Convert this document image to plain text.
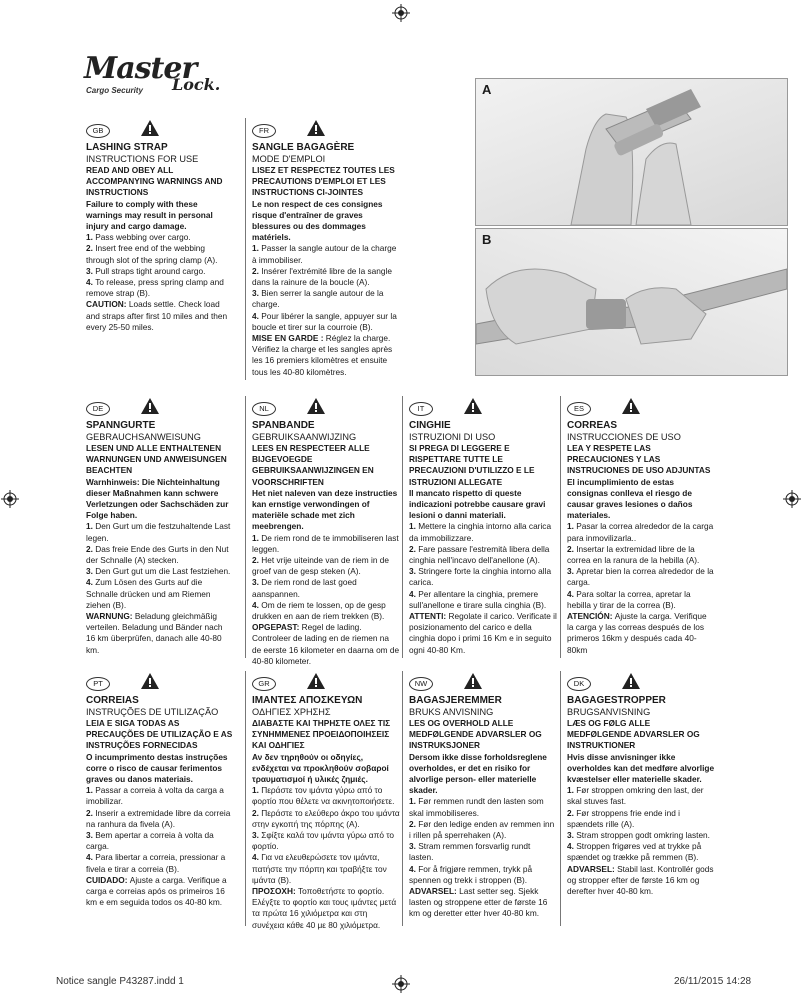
Master
Lock.
Cargo Security	A
B
GB
LASHING STRAP
INSTRUCTIONS FOR USE

READ AND OBEY ALL ACCOMPANYING WARNINGS AND INSTRUCTIONS

Failure to comply with these warnings may result in personal injury and cargo damage.

1. Pass webbing over cargo.

2. Insert free end of the webbing through slot of the spring clamp (A).

3. Pull straps tight around cargo.

4. To release, press spring clamp and remove strap (B).

CAUTION: Loads settle. Check load and straps after first 10 miles and then every 25-50 miles.

FR
SANGLE BAGAGÈRE
MODE D'EMPLOI

LISEZ ET RESPECTEZ TOUTES LES PRECAUTIONS D'EMPLOI ET LES INSTRUCTIONS CI-JOINTES

Le non respect de ces consignes risque d'entraîner de graves blessures ou des dommages matériels.

1. Passer la sangle autour de la charge à immobiliser.

2. Insérer l'extrémité libre de la sangle dans la rainure de la boucle (A).

3. Bien serrer la sangle autour de la charge.

4. Pour libérer la sangle, appuyer sur la boucle et tirer sur la courroie (B).

MISE EN GARDE : Réglez la charge. Vérifiez la charge et les sangles après les 16 premiers kilomètres et ensuite tous les 40-80 kilomètres.

DE
SPANNGURTE
GEBRAUCHSANWEISUNG

LESEN UND ALLE ENTHALTENEN WARNUNGEN UND ANWEISUNGEN BEACHTEN

Warnhinweis: Die Nichteinhaltung dieser Maßnahmen kann schwere Verletzungen oder Sachschäden zur Folge haben.

1. Den Gurt um die festzuhaltende Last legen.

2. Das freie Ende des Gurts in den Nut der Schnalle (A) stecken.

3. Den Gurt gut um die Last festziehen.

4. Zum Lösen des Gurts auf die Schnalle drücken und am Riemen ziehen (B).

WARNUNG: Beladung gleichmäßig verteilen. Beladung und Bänder nach 16 km überprüfen, danach alle 40-80 km.

NL
SPANBANDE
GEBRUIKSAANWIJZING

LEES EN RESPECTEER ALLE BIJGEVOEGDE GEBRUIKSAANWIJZINGEN EN VOORSCHRIFTEN

Het niet naleven van deze instructies kan ernstige verwondingen of materiële schade met zich meebrengen.

1. De riem rond de te immobiliseren last leggen.

2. Het vrije uiteinde van de riem in de groef van de gesp steken (A).

3. De riem rond de last goed aanspannen.

4. Om de riem te lossen, op de gesp drukken en aan de riem trekken (B).

OPGEPAST: Regel de lading. Controleer de lading en de riemen na de eerste 16 kilometer en daarna om de 40-80 kilometer.

IT
CINGHIE
ISTRUZIONI DI USO

SI PREGA DI LEGGERE E RISPETTARE TUTTE LE PRECAUZIONI D'UTILIZZO E LE ISTRUZIONI ALLEGATE

Il mancato rispetto di queste indicazioni potrebbe causare gravi lesioni o danni materiali.

1. Mettere la cinghia intorno alla carica da immobilizzare.

2. Fare passare l'estremità libera della cinghia nell'incavo dell'anellone (A).

3. Stringere forte la cinghia intorno alla carica.

4. Per allentare la cinghia, premere sull'anellone e tirare sulla cinghia (B).

ATTENTI: Regolate il carico. Verificate il posizionamento del carico e della cinghia dopo i primi 16 Km e in seguito ogni 40-80 Km.

ES
CORREAS
INSTRUCCIONES DE USO

LEA Y RESPETE LAS PRECAUCIONES Y LAS INSTRUCIONES DE USO ADJUNTAS

El incumplimiento de estas consignas conlleva el riesgo de causar graves lesiones o daños materiales.

1. Pasar la correa alrededor de la carga para inmovilizarla..

2. Insertar la extremidad libre de la correa en la ranura de la hebilla (A).

3. Apretar bien la correa alrededor de la carga.

4. Para soltar la correa, apretar la hebilla y tirar de la correa (B).

ATENCIÓN: Ajuste la carga. Verifique la carga y las correas después de los primeros 16km y después cada 40-80km

PT
CORREIAS
INSTRUÇÕES DE UTILIZAÇÃO

LEIA E SIGA TODAS AS PRECAUÇÕES DE UTILIZAÇÃO E AS INSTRUÇÕES FORNECIDAS

O incumprimento destas instruções corre o risco de causar ferimentos graves ou danos materiais.

1. Passar a correia à volta da carga a imobilizar.

2. Inserir a extremidade libre da correia na ranhura da fivela (A).

3. Bem apertar a correia à volta da carga.

4. Para libertar a correia, pressionar a fivela e tirar a correia (B).

CUIDADO: Ajuste a carga. Verifique a carga e correias após os primeiros 16 km e em seguida todos os 40-80 km.

GR
ΙΜΑΝΤΕΣ ΑΠΟΣΚΕΥΩΝ
ΟΔΗΓΙΕΣ ΧΡΗΣΗΣ

ΔΙΑΒΑΣΤΕ ΚΑΙ ΤΗΡΗΣΤΕ ΟΛΕΣ ΤΙΣ ΣΥΝΗΜΜΕΝΕΣ ΠΡΟΕΙΔΟΠΟΙΗΣΕΙΣ ΚΑΙ ΟΔΗΓΙΕΣ

Αν δεν τηρηθούν οι οδηγίες, ενδέχεται να προκληθούν σοβαροί τραυματισμοί ή υλικές ζημιές.

1. Περάστε τον ιμάντα γύρω από το φορτίο που θέλετε να ακινητοποιήσετε.

2. Περάστε το ελεύθερο άκρο του ιμάντα στην εγκοπή της πόρπης (A).

3. Σφίξτε καλά τον ιμάντα γύρω από το φορτίο.

4. Για να ελευθερώσετε τον ιμάντα, πατήστε την πόρπη και τραβήξτε τον ιμάντα (B).

ΠΡΟΣΟΧΗ: Τοποθετήστε το φορτίο. Ελέγξτε το φορτίο και τους ιμάντες μετά τα πρώτα 16 χιλιόμετρα και στη συνέχεια κάθε 40 με 80 χιλιόμετρα.

NW
BAGASJEREMMER
BRUKS ANVISNING

LES OG OVERHOLD ALLE MEDFØLGENDE ADVARSLER OG INSTRUKSJONER

Dersom ikke disse forholdsreglene overholdes, er det en risiko for alvorlige person- eller materielle skader.

1. Før remmen rundt den lasten som skal immobiliseres.

2. Før den ledige enden av remmen inn i rillen på sperrehaken (A).

3. Stram remmen forsvarlig rundt lasten.

4. For å frigjøre remmen, trykk på spennen og trekk i stroppen (B).

ADVARSEL: Last setter seg. Sjekk lasten og stroppene etter de første 16 km og deretter etter hver 40-80 km.

DK
BAGAGESTROPPER
BRUGSANVISNING

LÆS OG FØLG ALLE MEDFØLGENDE ADVARSLER OG INSTRUKTIONER

Hvis disse anvisninger ikke overholdes kan det medføre alvorlige kvæstelser eller materielle skader.

1. Før stroppen omkring den last, der skal stuves fast.

2. Før stroppens frie ende ind i spændets rille (A).

3. Stram stroppen godt omkring lasten.

4. Stroppen frigøres ved at trykke på spændet og trække på remmen (B).

ADVARSEL: Stabil last. Kontrollér gods og stropper efter de første 16 km og derefter hver 40-80 km.

Notice sangle P43287.indd 1	26/11/2015 14:28
